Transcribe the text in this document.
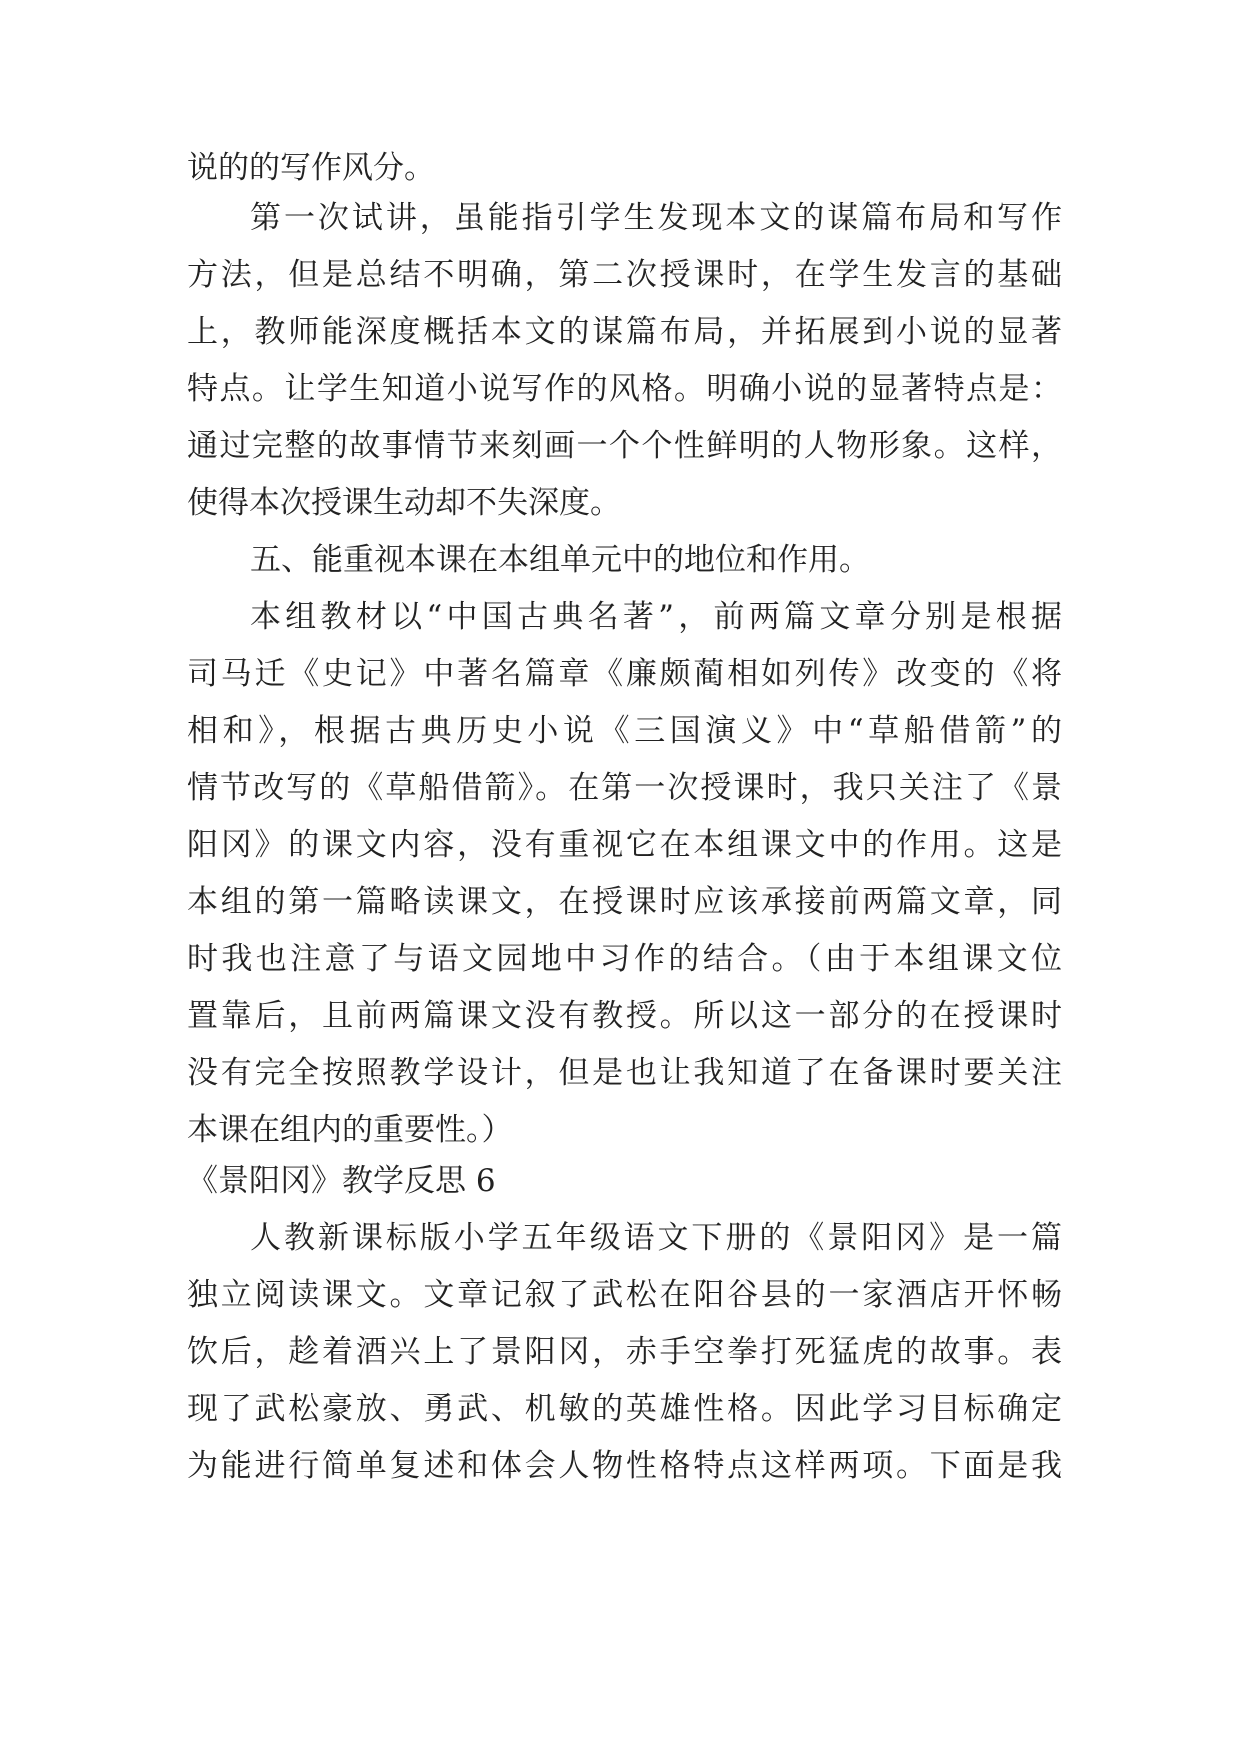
说的的写作风分。
第一次试讲，虽能指引学生发现本文的谋篇布局和写作
方法，但是总结不明确，第二次授课时，在学生发言的基础
上，教师能深度概括本文的谋篇布局，并拓展到小说的显著
特点。让学生知道小说写作的风格。明确小说的显著特点是：
通过完整的故事情节来刻画一个个性鲜明的人物形象。这样，
使得本次授课生动却不失深度。
五、能重视本课在本组单元中的地位和作用。
本组教材以“中国古典名著”，前两篇文章分别是根据
司马迁《史记》中著名篇章《廉颇蔺相如列传》改变的《将
相和》，根据古典历史小说《三国演义》中“草船借箭”的
情节改写的《草船借箭》。在第一次授课时，我只关注了《景
阳冈》的课文内容，没有重视它在本组课文中的作用。这是
本组的第一篇略读课文，在授课时应该承接前两篇文章，同
时我也注意了与语文园地中习作的结合。（由于本组课文位
置靠后，且前两篇课文没有教授。所以这一部分的在授课时
没有完全按照教学设计，但是也让我知道了在备课时要关注
本课在组内的重要性。）
《景阳冈》教学反思 6
人教新课标版小学五年级语文下册的《景阳冈》是一篇
独立阅读课文。文章记叙了武松在阳谷县的一家酒店开怀畅
饮后，趁着酒兴上了景阳冈，赤手空拳打死猛虎的故事。表
现了武松豪放、勇武、机敏的英雄性格。因此学习目标确定
为能进行简单复述和体会人物性格特点这样两项。下面是我
